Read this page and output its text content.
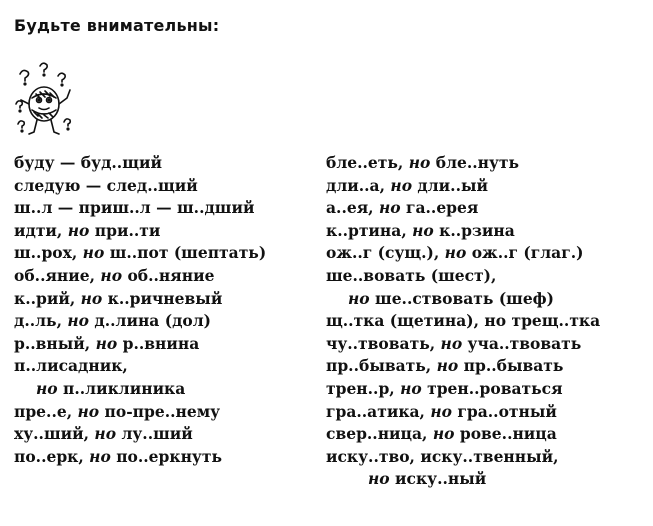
Будьте внимательны:
буду — буд..щий
следую — след..щий
ш..л — приш..л — ш..дший
идти, но при..ти
ш..рох, но ш..пот (шептать)
об..яние, но об..няние
к..рий, но к..ричневый
д..ль, но д..лина (дол)
р..вный, но р..внина
п..лисадник,
но п..ликлиника
пре..е, но по-пре..нему
ху..ший, но лу..ший
по..ерк, но по..еркнуть
бле..еть, но бле..нуть
дли..а, но дли..ый
а..ея, но га..ерея
к..ртина, но к..рзина
ож..г (сущ.), но ож..г (глаг.)
ше..вовать (шест),
но ше..ствовать (шеф)
щ..тка (щетина), но трещ..тка
чу..твовать, но уча..твовать
пр..бывать, но пр..бывать
трен..р, но трен..роваться
гра..атика, но гра..отный
свер..ница, но рове..ница
иску..тво, иску..твенный,
но иску..ный
